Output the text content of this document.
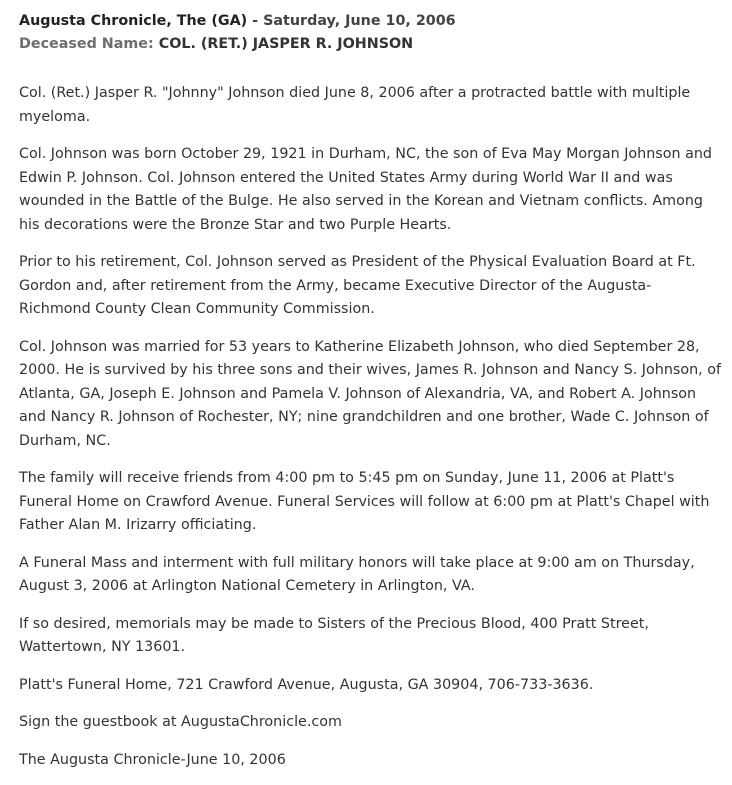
Augusta Chronicle, The (GA) - Saturday, June 10, 2006
Deceased Name: COL. (RET.) JASPER R. JOHNSON

Col. (Ret.) Jasper R. "Johnny" Johnson died June 8, 2006 after a protracted battle with multiple myeloma.

Col. Johnson was born October 29, 1921 in Durham, NC, the son of Eva May Morgan Johnson and Edwin P. Johnson. Col. Johnson entered the United States Army during World War II and was wounded in the Battle of the Bulge. He also served in the Korean and Vietnam conflicts. Among his decorations were the Bronze Star and two Purple Hearts.

Prior to his retirement, Col. Johnson served as President of the Physical Evaluation Board at Ft. Gordon and, after retirement from the Army, became Executive Director of the Augusta-Richmond County Clean Community Commission.

Col. Johnson was married for 53 years to Katherine Elizabeth Johnson, who died September 28, 2000. He is survived by his three sons and their wives, James R. Johnson and Nancy S. Johnson, of Atlanta, GA, Joseph E. Johnson and Pamela V. Johnson of Alexandria, VA, and Robert A. Johnson and Nancy R. Johnson of Rochester, NY; nine grandchildren and one brother, Wade C. Johnson of Durham, NC.

The family will receive friends from 4:00 pm to 5:45 pm on Sunday, June 11, 2006 at Platt's Funeral Home on Crawford Avenue. Funeral Services will follow at 6:00 pm at Platt's Chapel with Father Alan M. Irizarry officiating.

A Funeral Mass and interment with full military honors will take place at 9:00 am on Thursday, August 3, 2006 at Arlington National Cemetery in Arlington, VA.

If so desired, memorials may be made to Sisters of the Precious Blood, 400 Pratt Street, Wattertown, NY 13601.

Platt's Funeral Home, 721 Crawford Avenue, Augusta, GA 30904, 706-733-3636.

Sign the guestbook at AugustaChronicle.com

The Augusta Chronicle-June 10, 2006
